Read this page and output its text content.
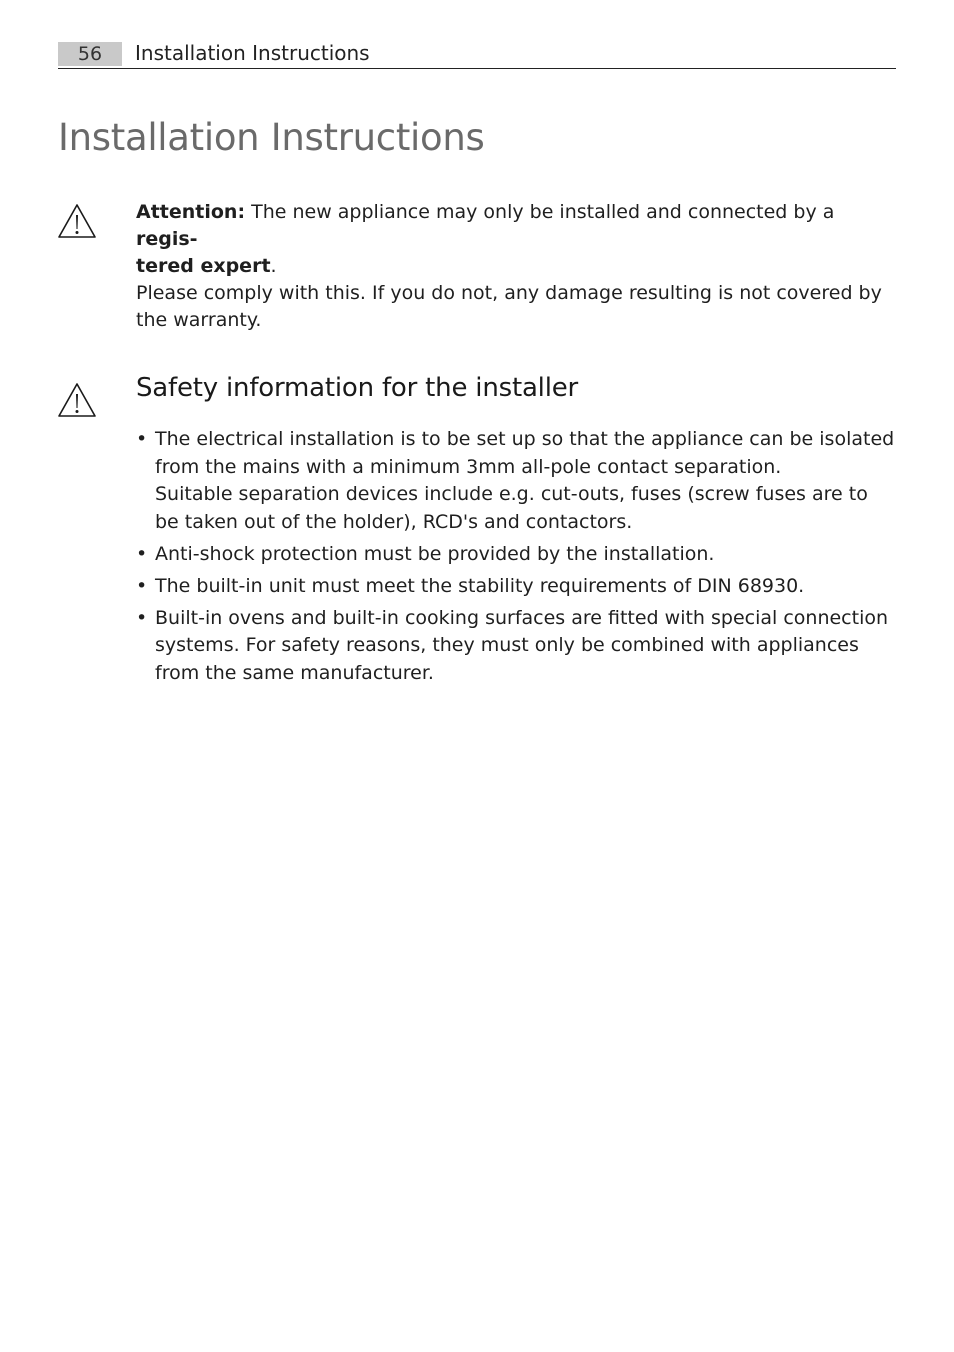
56	Installation Instructions
Installation Instructions

Attention: The new appliance may only be installed and connected by a regis-
tered expert.

Please comply with this. If you do not, any damage resulting is not covered by the warranty.

Safety information for the installer
• The electrical installation is to be set up so that the appliance can be isolated from the mains with a minimum 3mm all-pole contact separation.

Suitable separation devices include e.g. cut-outs, fuses (screw fuses are to be taken out of the holder), RCD's and contactors.

• Anti-shock protection must be provided by the installation.

• The built-in unit must meet the stability requirements of DIN 68930.

• Built-in ovens and built-in cooking surfaces are fitted with special connection systems. For safety reasons, they must only be combined with appliances from the same manufacturer.
